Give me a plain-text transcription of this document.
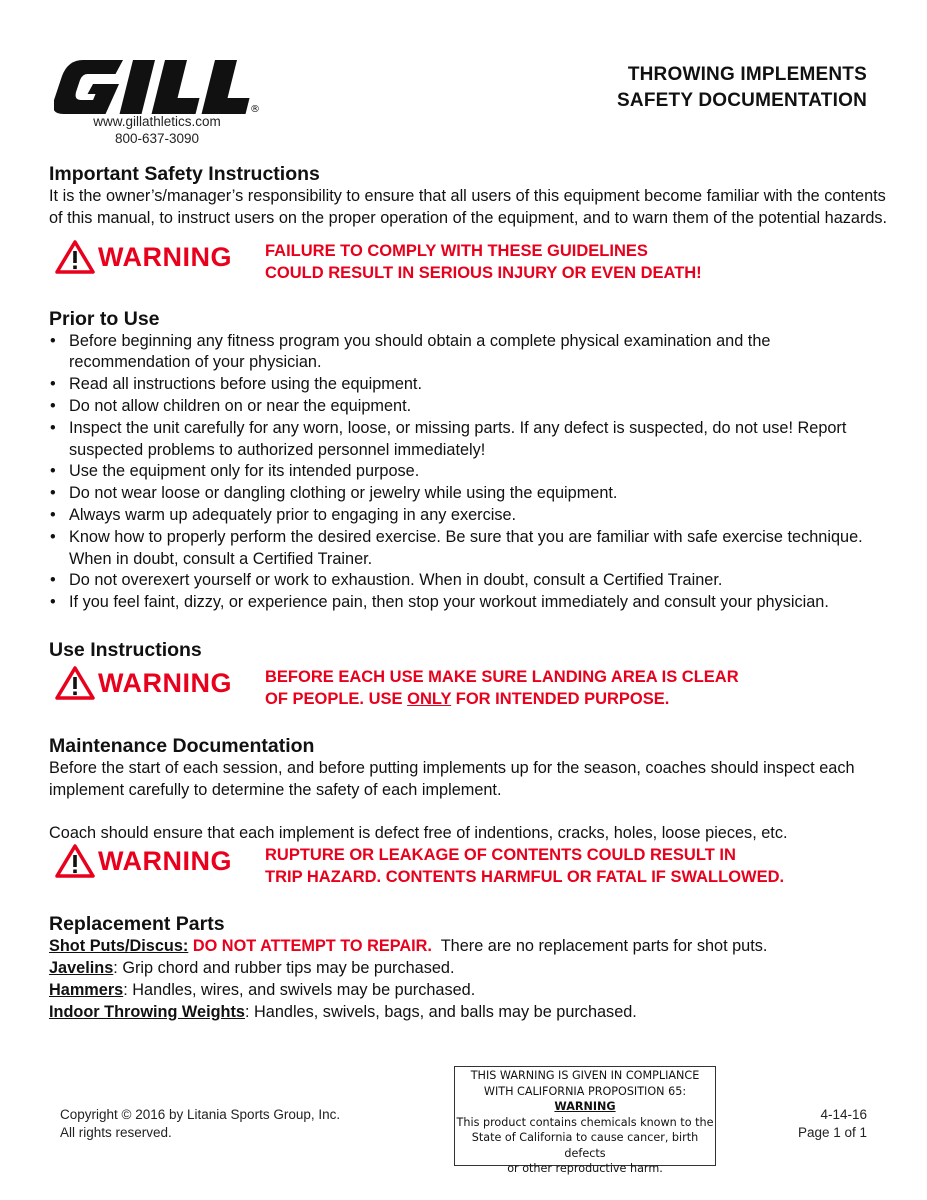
®
www.gillathletics.com
800-637-3090
THROWING IMPLEMENTS
SAFETY DOCUMENTATION
Important Safety Instructions

It is the owner’s/manager’s responsibility to ensure that all users of this equipment become familiar with the contents of this manual, to instruct users on the proper operation of the equipment, and to warn them of the potential hazards.

WARNING FAILURE TO COMPLY WITH THESE GUIDELINES
COULD RESULT IN SERIOUS INJURY OR EVEN DEATH!
Prior to Use
• Before beginning any fitness program you should obtain a complete physical examination and the recommendation of your physician.
• Read all instructions before using the equipment.
• Do not allow children on or near the equipment.
• Inspect the unit carefully for any worn, loose, or missing parts. If any defect is suspected, do not use! Report suspected problems to authorized personnel immediately!
• Use the equipment only for its intended purpose.
• Do not wear loose or dangling clothing or jewelry while using the equipment.
• Always warm up adequately prior to engaging in any exercise.
• Know how to properly perform the desired exercise. Be sure that you are familiar with safe exercise technique. When in doubt, consult a Certified Trainer.
• Do not overexert yourself or work to exhaustion. When in doubt, consult a Certified Trainer.
• If you feel faint, dizzy, or experience pain, then stop your workout immediately and consult your physician.
Use Instructions
WARNING BEFORE EACH USE MAKE SURE LANDING AREA IS CLEAR
OF PEOPLE. USE ONLY FOR INTENDED PURPOSE.
Maintenance Documentation

Before the start of each session, and before putting implements up for the season, coaches should inspect each implement carefully to determine the safety of each implement.

Coach should ensure that each implement is defect free of indentions, cracks, holes, loose pieces, etc.

WARNING RUPTURE OR LEAKAGE OF CONTENTS COULD RESULT IN
TRIP HAZARD. CONTENTS HARMFUL OR FATAL IF SWALLOWED.
Replacement Parts

Shot Puts/Discus: DO NOT ATTEMPT TO REPAIR. There are no replacement parts for shot puts.

Javelins: Grip chord and rubber tips may be purchased.

Hammers: Handles, wires, and swivels may be purchased.

Indoor Throwing Weights: Handles, swivels, bags, and balls may be purchased.

Copyright © 2016 by Litania Sports Group, Inc.
All rights reserved.
THIS WARNING IS GIVEN IN COMPLIANCE
WITH CALIFORNIA PROPOSITION 65:
WARNING
This product contains chemicals known to the
State of California to cause cancer, birth defects
or other reproductive harm.
4-14-16
Page 1 of 1
